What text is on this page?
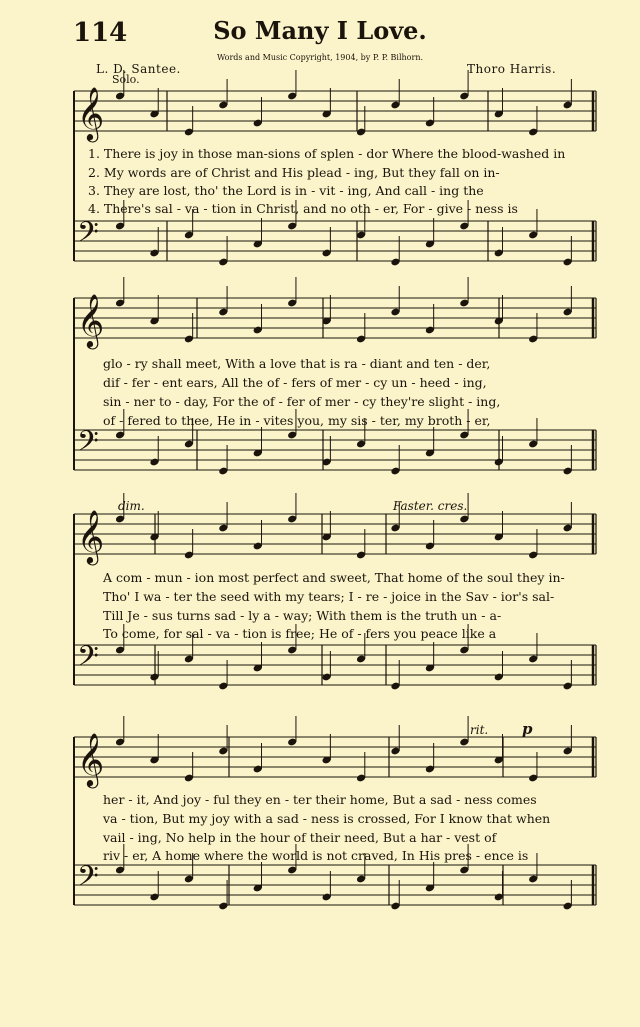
114	So Many I Love.
Words and Music Copyright, 1904, by P. P. Bilhorn.
L. D. Santee.	Thoro Harris.
Solo.
𝄞
𝄢
𝄞
𝄢
𝄞
𝄢
𝄞
𝄢
dim.	Faster. cres.
rit. p
1. There is joy in those man-sions of splen - dor Where the blood-washed in
2. My words are of Christ and His plead - ing, But they fall on in-
3. They are lost, tho' the Lord is in - vit - ing, And call - ing the
4. There's sal - va - tion in Christ, and no oth - er, For - give - ness is
glo - ry shall meet, With a love that is ra - diant and ten - der,
dif - fer - ent ears, All the of - fers of mer - cy un - heed - ing,
sin - ner to - day, For the of - fer of mer - cy they're slight - ing,
of - fered to thee, He in - vites you, my sis - ter, my broth - er,
A com - mun - ion most perfect and sweet, That home of the soul they in-
Tho' I wa - ter the seed with my tears; I - re - joice in the Sav - ior's sal-
Till Je - sus turns sad - ly a - way; With them is the truth un - a-
To come, for sal - va - tion is free; He of - fers you peace like a
her - it, And joy - ful they en - ter their home, But a sad - ness comes
va - tion, But my joy with a sad - ness is crossed, For I know that when
vail - ing, No help in the hour of their need, But a har - vest of
riv - er, A home where the world is not craved, In His pres - ence is
